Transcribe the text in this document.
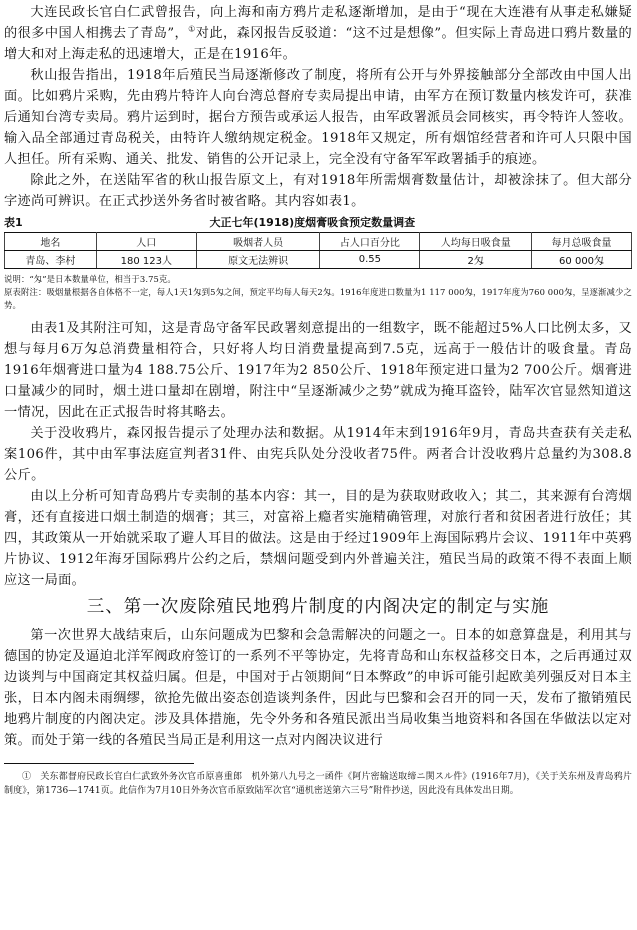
大连民政长官白仁武曾报告，向上海和南方鸦片走私逐渐增加，是由于“现在大连港有从事走私嫌疑的很多中国人相携去了青岛”，①对此，森冈报告反驳道：“这不过是想像”。但实际上青岛进口鸦片数量的增大和对上海走私的迅速增大，正是在1916年。

秋山报告指出，1918年后殖民当局逐渐修改了制度，将所有公开与外界接触部分全部改由中国人出面。比如鸦片采购，先由鸦片特许人向台湾总督府专卖局提出申请，由军方在预订数量内核发许可，获准后通知台湾专卖局。鸦片运到时，据台方预告或承运人报告，由军政署派员会同核实，再令特许人签收。输入品全部通过青岛税关，由特许人缴纳规定税金。1918年又规定，所有烟馆经营者和许可人只限中国人担任。所有采购、通关、批发、销售的公开记录上，完全没有守备军军政署插手的痕迹。

除此之外，在送陆军省的秋山报告原文上，有对1918年所需烟膏数量估计，却被涂抹了。但大部分字迹尚可辨识。在正式抄送外务省时被省略。其内容如表1。

表1	大正七年(1918)度烟膏吸食预定数量调查
地名	人口	吸烟者人员	占人口百分比	人均每日吸食量	每月总吸食量
青岛、李村	180 123人	原文无法辨识	0.55	2匁	60 000匁

说明：“匁”是日本数量单位，相当于3.75克。

原表附注：吸烟量根据各自体格不一定，每人1天1匁到5匁之间，预定平均每人每天2匁。1916年度进口数量为1 117 000匁，1917年度为760 000匁，呈逐渐减少之势。

由表1及其附注可知，这是青岛守备军民政署刻意提出的一组数字，既不能超过5%人口比例太多，又想与每月6万匁总消费量相符合，只好将人均日消费量提高到7.5克，远高于一般估计的吸食量。青岛1916年烟膏进口量为4 188.75公斤、1917年为2 850公斤、1918年预定进口量为2 700公斤。烟膏进口量减少的同时，烟土进口量却在剧增，附注中“呈逐渐减少之势”就成为掩耳盗铃，陆军次官显然知道这一情况，因此在正式报告时将其略去。

关于没收鸦片，森冈报告提示了处理办法和数据。从1914年末到1916年9月，青岛共查获有关走私案106件，其中由军事法庭宣判者31件、由宪兵队处分没收者75件。两者合计没收鸦片总量约为308.8公斤。

由以上分析可知青岛鸦片专卖制的基本内容：其一，目的是为获取财政收入；其二，其来源有台湾烟膏，还有直接进口烟土制造的烟膏；其三，对富裕上瘾者实施精确管理，对旅行者和贫困者进行放任；其四，其政策从一开始就采取了避人耳目的做法。这是由于经过1909年上海国际鸦片会议、1911年中英鸦片协议、1912年海牙国际鸦片公约之后，禁烟问题受到内外普遍关注，殖民当局的政策不得不表面上顺应这一局面。

三、第一次废除殖民地鸦片制度的内阁决定的制定与实施

第一次世界大战结束后，山东问题成为巴黎和会急需解决的问题之一。日本的如意算盘是，利用其与德国的协定及逼迫北洋军阀政府签订的一系列不平等协定，先将青岛和山东权益移交日本，之后再通过双边谈判与中国商定其权益归属。但是，中国对于占领期间“日本弊政”的申诉可能引起欧美列强反对日本主张，日本内阁未雨绸缪，欲抢先做出姿态创造谈判条件，因此与巴黎和会召开的同一天，发布了撤销殖民地鸦片制度的内阁决定。涉及具体措施，先令外务和各殖民派出当局收集当地资料和各国在华做法以定对策。而处于第一线的各殖民当局正是利用这一点对内阁决议进行

①　 关东都督府民政长官白仁武致外务次官币原喜重郎　机外第八九号之一函件《阿片密输送取缔ニ関スル件》(1916年7月)，《关于关东州及青岛鸦片制度》，第1736—1741页。此信作为7月10日外务次官币原致陆军次官“通机密送第六三号”附件抄送，因此没有具体发出日期。
